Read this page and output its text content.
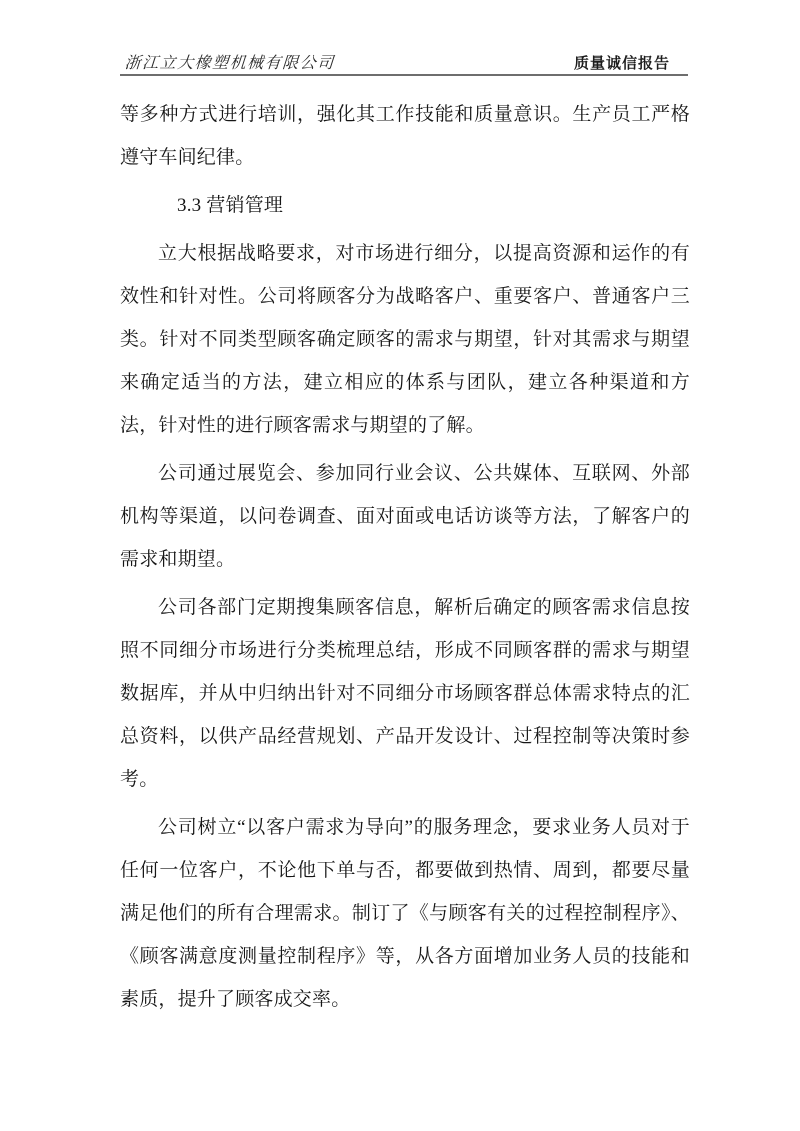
浙江立大橡塑机械有限公司	质量诚信报告

等多种方式进行培训，强化其工作技能和质量意识。生产员工严格遵守车间纪律。

3.3 营销管理

立大根据战略要求，对市场进行细分，以提高资源和运作的有效性和针对性。公司将顾客分为战略客户、重要客户、普通客户三类。针对不同类型顾客确定顾客的需求与期望，针对其需求与期望来确定适当的方法，建立相应的体系与团队，建立各种渠道和方法，针对性的进行顾客需求与期望的了解。

公司通过展览会、参加同行业会议、公共媒体、互联网、外部机构等渠道，以问卷调查、面对面或电话访谈等方法，了解客户的需求和期望。

公司各部门定期搜集顾客信息，解析后确定的顾客需求信息按照不同细分市场进行分类梳理总结，形成不同顾客群的需求与期望数据库，并从中归纳出针对不同细分市场顾客群总体需求特点的汇总资料，以供产品经营规划、产品开发设计、过程控制等决策时参考。

公司树立“以客户需求为导向”的服务理念，要求业务人员对于任何一位客户，不论他下单与否，都要做到热情、周到，都要尽量满足他们的所有合理需求。制订了《与顾客有关的过程控制程序》、《顾客满意度测量控制程序》等，从各方面增加业务人员的技能和素质，提升了顾客成交率。
